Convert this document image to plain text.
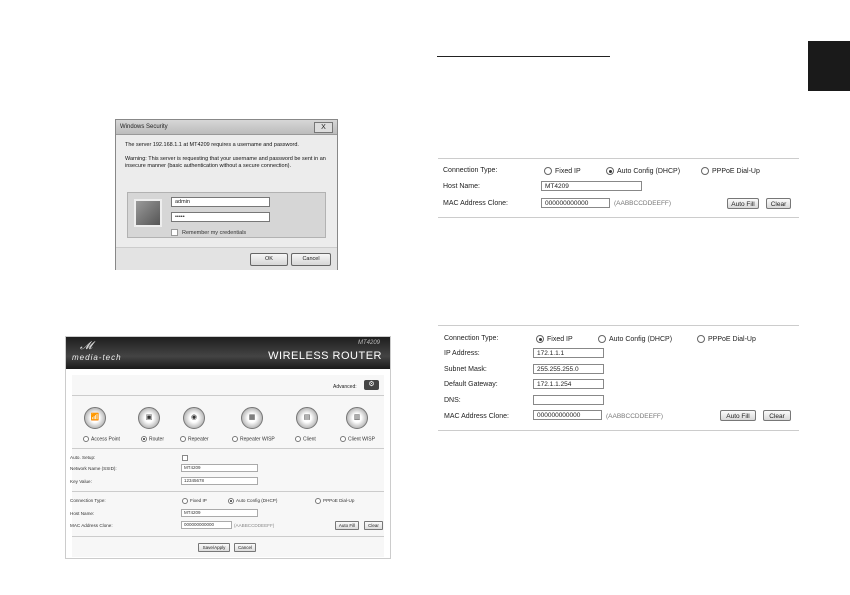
Windows Security	X
The server 192.168.1.1 at MT4209 requires a username and password.
Warning: This server is requesting that your username and password be sent in an insecure manner (basic authentication without a secure connection).
admin
•••••
Remember my credentials
OK	Cancel
𝓜
media-tech
MT4209
WIRELESS ROUTER
Advanced:	⚙
📶	▣	◉	▦	▤	▥
Access Point	Router	Repeater	Repeater WISP	Client	Client WISP
Auto. Setup:
Network Name (SSID):	MT4209
Key Value:	12345678
Connection Type:	Fixed IP	Auto Config (DHCP)	PPPoE Dial-Up
Host Name:	MT4209
MAC Address Clone:	000000000000	(AABBCCDDEEFF)	Auto Fill	Clear
Save/Apply	Cancel
Connection Type:	Fixed IP	Auto Config (DHCP)	PPPoE Dial-Up
Host Name:	MT4209
MAC Address Clone:	000000000000	(AABBCCDDEEFF)	Auto Fill	Clear
Connection Type:	Fixed IP	Auto Config (DHCP)	PPPoE Dial-Up
IP Address:	172.1.1.1
Subnet Mask:	255.255.255.0
Default Gateway:	172.1.1.254
DNS:
MAC Address Clone:	000000000000	(AABBCCDDEEFF)	Auto Fill	Clear
